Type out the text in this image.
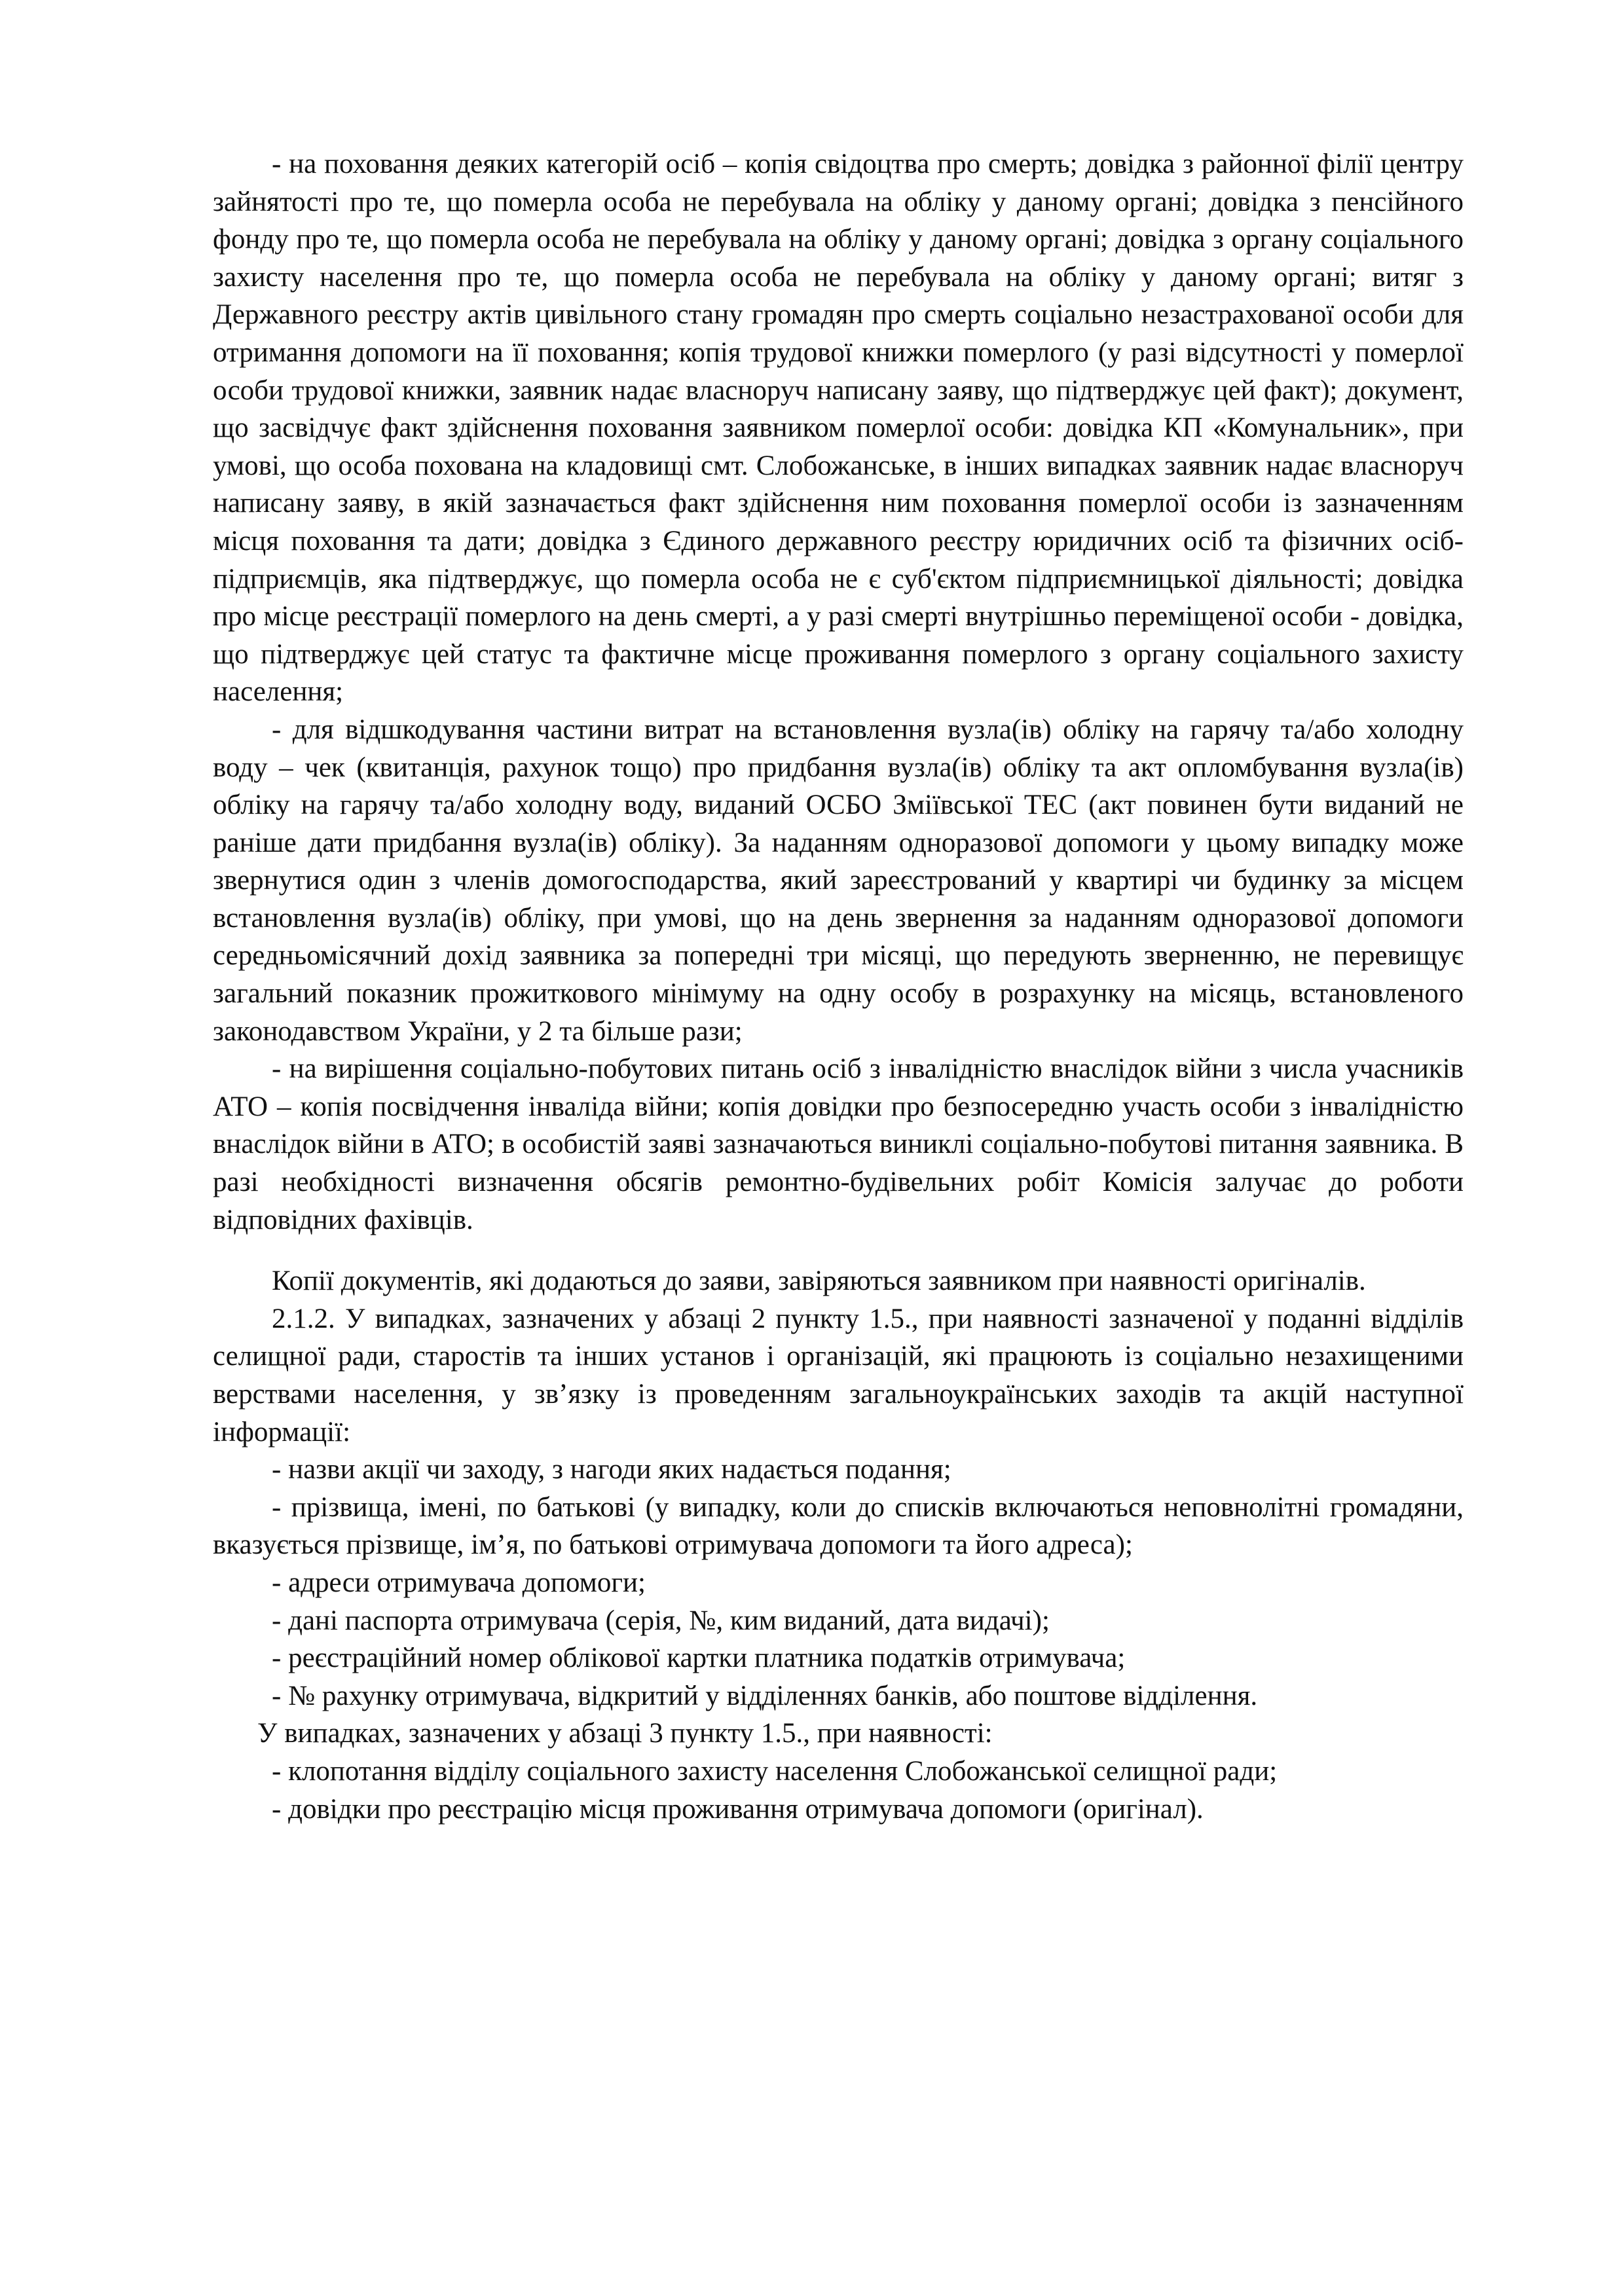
- на поховання деяких категорій осіб – копія свідоцтва про смерть; довідка з районної філії центру зайнятості про те, що померла особа не перебувала на обліку у даному органі; довідка з пенсійного фонду про те, що померла особа не перебувала на обліку у даному органі; довідка з органу соціального захисту населення про те, що померла особа не перебувала на обліку у даному органі; витяг з Державного реєстру актів цивільного стану громадян про смерть соціально незастрахованої особи для отримання допомоги на її поховання; копія трудової книжки померлого (у разі відсутності у померлої особи трудової книжки, заявник надає власноруч написану заяву, що підтверджує цей факт); документ, що засвідчує факт здійснення поховання заявником померлої особи: довідка КП «Комунальник», при умові, що особа похована на кладовищі смт. Слобожанське, в інших випадках заявник надає власноруч написану заяву, в якій зазначається факт здійснення ним поховання померлої особи із зазначенням місця поховання та дати; довідка з Єдиного державного реєстру юридичних осіб та фізичних осіб-підприємців, яка підтверджує, що померла особа не є суб'єктом підприємницької діяльності; довідка про місце реєстрації померлого на день смерті, а у разі смерті внутрішньо переміщеної особи - довідка, що підтверджує цей статус та фактичне місце проживання померлого з органу соціального захисту населення;

- для відшкодування частини витрат на встановлення вузла(ів) обліку на гарячу та/або холодну воду – чек (квитанція, рахунок тощо) про придбання вузла(ів) обліку та акт опломбування вузла(ів) обліку на гарячу та/або холодну воду, виданий ОСБО Зміївської ТЕС (акт повинен бути виданий не раніше дати придбання вузла(ів) обліку). За наданням одноразової допомоги у цьому випадку може звернутися один з членів домогосподарства, який зареєстрований у квартирі чи будинку за місцем встановлення вузла(ів) обліку, при умові, що на день звернення за наданням одноразової допомоги середньомісячний дохід заявника за попередні три місяці, що передують зверненню, не перевищує загальний показник прожиткового мінімуму на одну особу в розрахунку на місяць, встановленого законодавством України, у 2 та більше рази;

- на вирішення соціально-побутових питань осіб з інвалідністю внаслідок війни з числа учасників АТО – копія посвідчення інваліда війни; копія довідки про безпосередню участь особи з інвалідністю внаслідок війни в АТО; в особистій заяві зазначаються виниклі соціально-побутові питання заявника. В разі необхідності визначення обсягів ремонтно-будівельних робіт Комісія залучає до роботи відповідних фахівців.

Копії документів, які додаються до заяви, завіряються заявником при наявності оригіналів.

2.1.2. У випадках, зазначених у абзаці 2 пункту 1.5., при наявності зазначеної у поданні відділів селищної ради, старостів та інших установ і організацій, які працюють із соціально незахищеними верствами населення, у зв’язку із проведенням загальноукраїнських заходів та акцій наступної інформації:

- назви акції чи заходу, з нагоди яких надається подання;

- прізвища, імені, по батькові (у випадку, коли до списків включаються неповнолітні громадяни, вказується прізвище, ім’я, по батькові отримувача допомоги та його адреса);

- адреси отримувача допомоги;

- дані паспорта отримувача (серія, №, ким виданий, дата видачі);

- реєстраційний номер облікової картки платника податків отримувача;

- № рахунку отримувача, відкритий у відділеннях банків, або поштове відділення.

У випадках, зазначених у абзаці 3 пункту 1.5., при наявності:

- клопотання відділу соціального захисту населення Слобожанської селищної ради;

- довідки про реєстрацію місця проживання отримувача допомоги (оригінал).
